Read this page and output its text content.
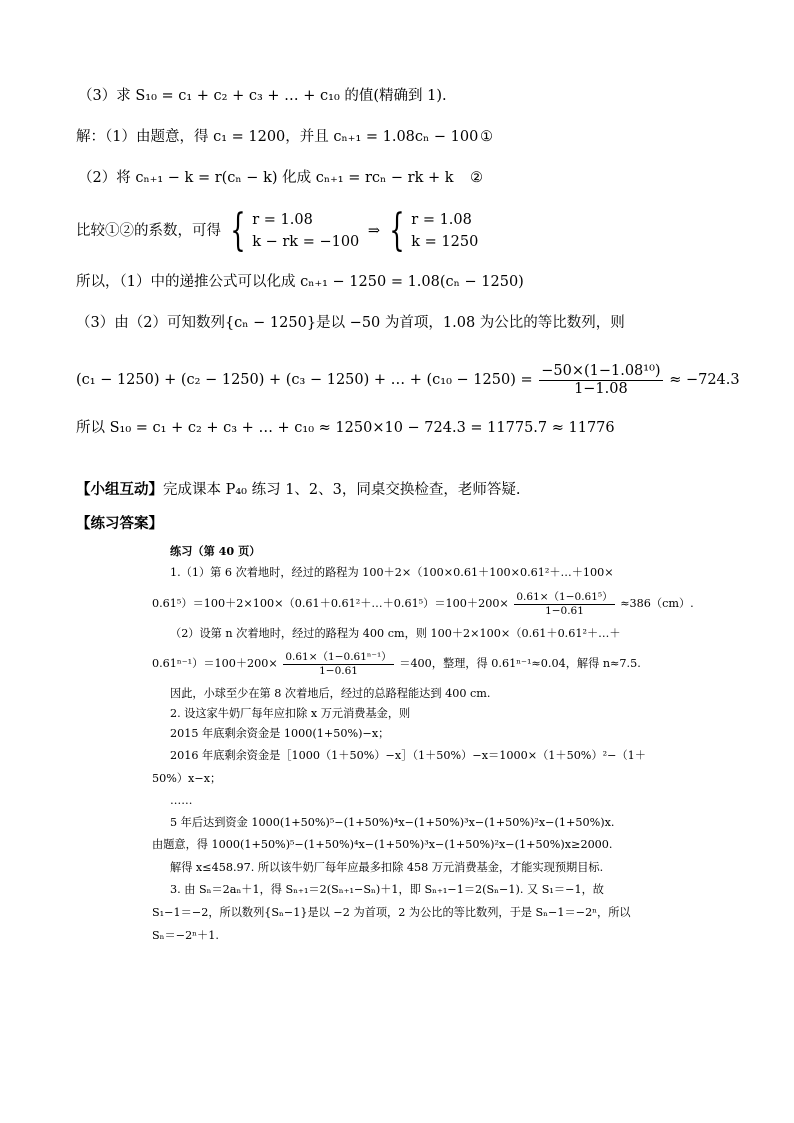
（3）求 S₁₀ = c₁ + c₂ + c₃ + … + c₁₀ 的值(精确到 1).
解：（1）由题意，得 c₁ = 1200，并且 cₙ₊₁ = 1.08cₙ − 100 ①
（2）将 cₙ₊₁ − k = r(cₙ − k) 化成 cₙ₊₁ = rcₙ − rk + k ②
比较①②的系数，可得 { r = 1.08
k − rk = −100
⇒ { r = 1.08
k = 1250
所以，（1）中的递推公式可以化成 cₙ₊₁ − 1250 = 1.08(cₙ − 1250)
（3）由（2）可知数列{cₙ − 1250}是以 −50 为首项，1.08 为公比的等比数列，则
(c₁ − 1250) + (c₂ − 1250) + (c₃ − 1250) + … + $(c_{10} - 1250) = \frac{\text{−50×(1−1.08¹⁰)}}{1-1.08} \approx -724.3$
所以 S₁₀ = c₁ + c₂ + c₃ + … + c₁₀ ≈ 1250×10 − 724.3 = 11775.7 ≈ 11776
【小组互动】完成课本 P₄₀ 练习 1、2、3，同桌交换检查，老师答疑.
【练习答案】
练习（第 40 页）
1.（1）第 6 次着地时，经过的路程为 100＋2×（100×0.61＋100×0.61²＋…＋100×
0.61⁵）＝100＋2×100×（0.61＋0.61²＋…＋0.61⁵）＝100＋200× $\frac{\text{0.61×（1−0.61⁵）}}{1-0.61} \approx 386(cm)$.
（2）设第 n 次着地时，经过的路程为 400 cm，则 100＋2×100×（0.61＋0.61²＋…＋
$0.61^{n-1})=100+200\times \frac{\text{0.61×（1−0.61ⁿ⁻¹）}}{1-0.61} =400$，整理，得 0.61ⁿ⁻¹≈0.04，解得 n≈7.5.
因此，小球至少在第 8 次着地后，经过的总路程能达到 400 cm.
2. 设这家牛奶厂每年应扣除 x 万元消费基金，则
2015 年底剩余资金是 1000(1+50%)−x；
2016 年底剩余资金是［1000（1＋50%）−x］（1＋50%）−x＝1000×（1＋50%）²−（1＋
50%）x−x；
……
5 年后达到资金 1000(1+50%)⁵−(1+50%)⁴x−(1+50%)³x−(1+50%)²x−(1+50%)x.
由题意，得 1000(1+50%)⁵−(1+50%)⁴x−(1+50%)³x−(1+50%)²x−(1+50%)x≥2000.
解得 x≤458.97. 所以该牛奶厂每年应最多扣除 458 万元消费基金，才能实现预期目标.
3. 由 Sₙ＝2aₙ＋1，得 Sₙ₊₁＝2(Sₙ₊₁−Sₙ)＋1，即 Sₙ₊₁−1＝2(Sₙ−1). 又 S₁＝−1，故
S₁−1＝−2，所以数列{Sₙ−1}是以 −2 为首项，2 为公比的等比数列，于是 Sₙ−1＝−2ⁿ，所以
Sₙ＝−2ⁿ＋1.
